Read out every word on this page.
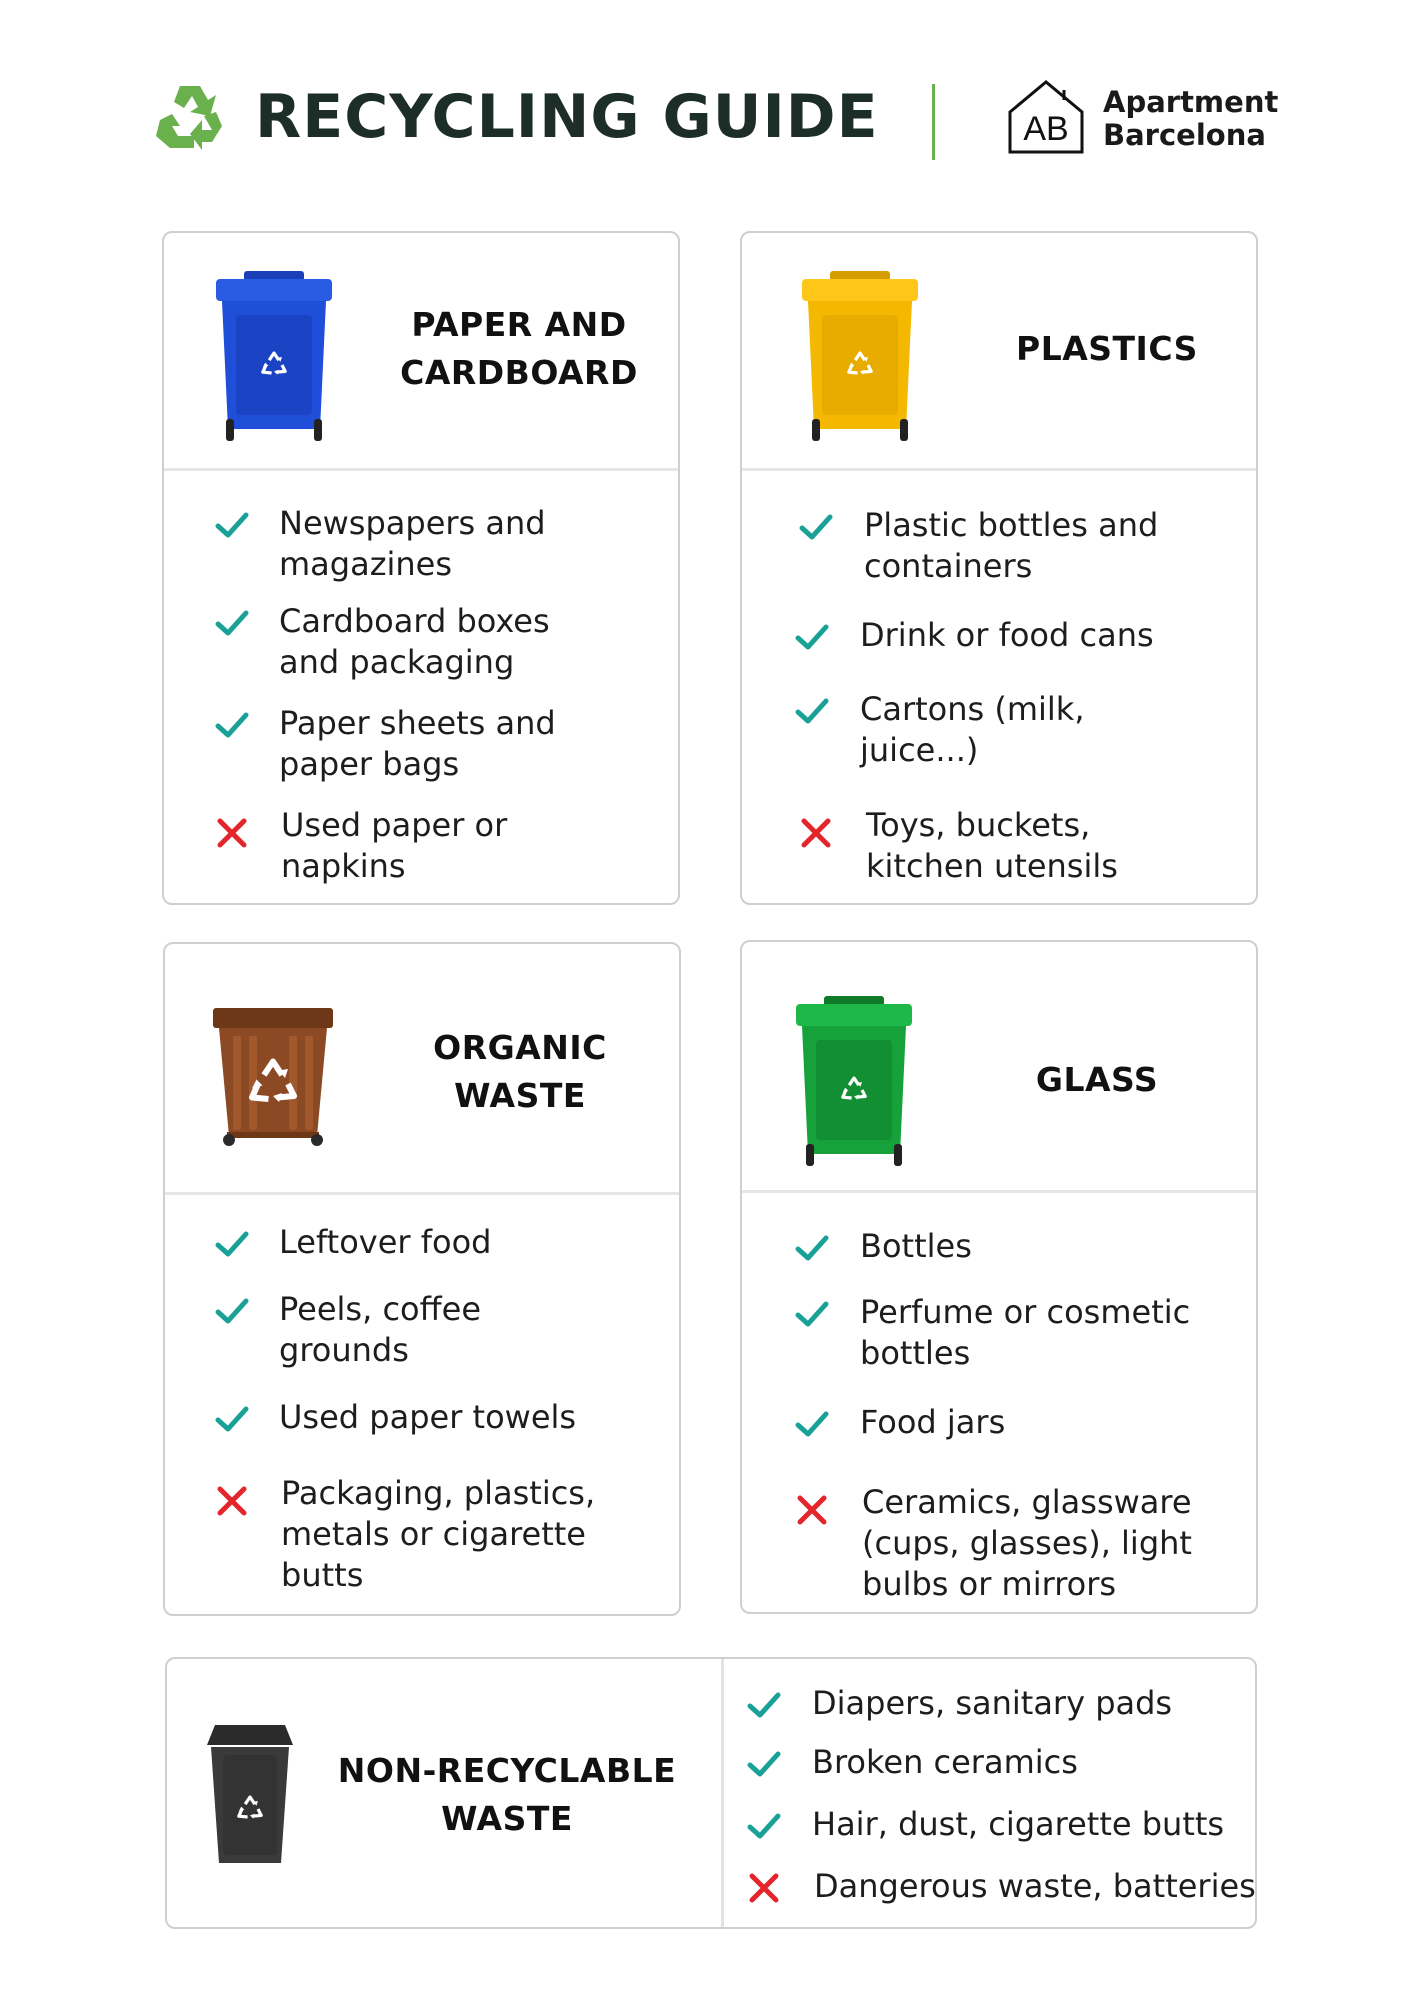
RECYCLING GUIDE	AB
Apartment
Barcelona
PAPER AND
CARDBOARD
Newspapers and
magazines
Cardboard boxes
and packaging
Paper sheets and
paper bags
Used paper or
napkins
PLASTICS
Plastic bottles and
containers
Drink or food cans
Cartons (milk,
juice...)
Toys, buckets,
kitchen utensils
ORGANIC
WASTE
Leftover food
Peels, coffee
grounds
Used paper towels
Packaging, plastics,
metals or cigarette
butts
GLASS
Bottles
Perfume or cosmetic
bottles
Food jars
Ceramics, glassware
(cups, glasses), light
bulbs or mirrors
NON-RECYCLABLE
WASTE
Diapers, sanitary pads
Broken ceramics
Hair, dust, cigarette butts
Dangerous waste, batteries
